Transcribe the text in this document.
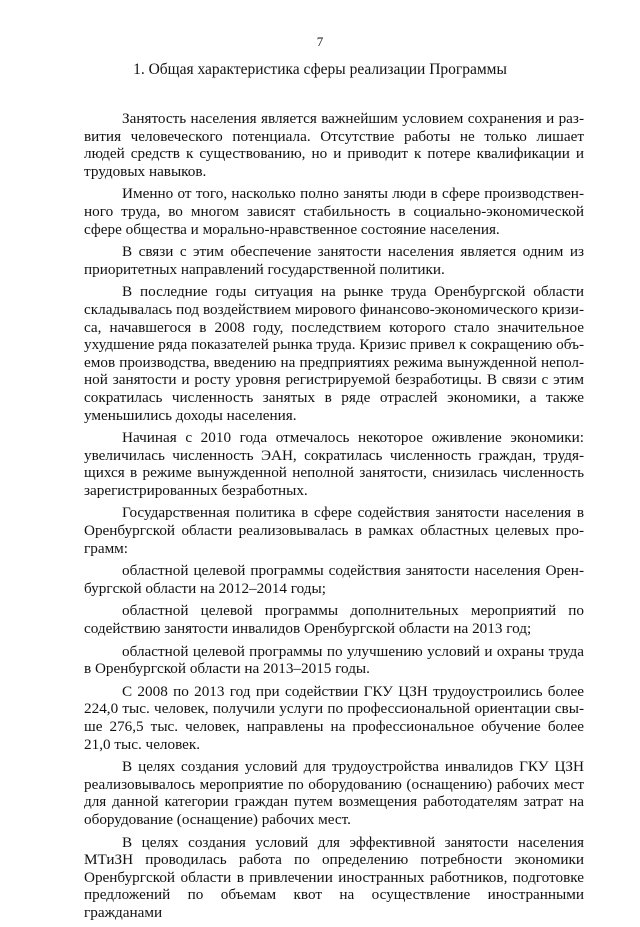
7
1. Общая характеристика сферы реализации Программы

Занятость населения является важнейшим условием сохранения и развития человеческого потенциала. Отсутствие работы не только лишает людей средств к существованию, но и приводит к потере квалификации и трудовых навыков.

Именно от того, насколько полно заняты люди в сфере производственного труда, во многом зависят стабильность в социально-экономической сфере общества и морально-нравственное состояние населения.

В связи с этим обеспечение занятости населения является одним из приоритетных направлений государственной политики.

В последние годы ситуация на рынке труда Оренбургской области складывалась под воздействием мирового финансово-экономического кризиса, начавшегося в 2008 году, последствием которого стало значительное ухудшение ряда показателей рынка труда. Кризис привел к сокращению объемов производства, введению на предприятиях режима вынужденной неполной занятости и росту уровня регистрируемой безработицы. В связи с этим сократилась численность занятых в ряде отраслей экономики, а также уменьшились доходы населения.

Начиная с 2010 года отмечалось некоторое оживление экономики: увеличилась численность ЭАН, сократилась численность граждан, трудящихся в режиме вынужденной неполной занятости, снизилась численность зарегистрированных безработных.

Государственная политика в сфере содействия занятости населения в Оренбургской области реализовывалась в рамках областных целевых программ:

областной целевой программы содействия занятости населения Оренбургской области на 2012–2014 годы;

областной целевой программы дополнительных мероприятий по содействию занятости инвалидов Оренбургской области на 2013 год;

областной целевой программы по улучшению условий и охраны труда в Оренбургской области на 2013–2015 годы.

С 2008 по 2013 год при содействии ГКУ ЦЗН трудоустроились более 224,0 тыс. человек, получили услуги по профессиональной ориентации свыше 276,5 тыс. человек, направлены на профессиональное обучение более 21,0 тыс. человек.

В целях создания условий для трудоустройства инвалидов ГКУ ЦЗН реализовывалось мероприятие по оборудованию (оснащению) рабочих мест для данной категории граждан путем возмещения работодателям затрат на оборудование (оснащение) рабочих мест.

В целях создания условий для эффективной занятости населения МТиЗН проводилась работа по определению потребности экономики Оренбургской области в привлечении иностранных работников, подготовке предложений по объемам квот на осуществление иностранными гражданами
